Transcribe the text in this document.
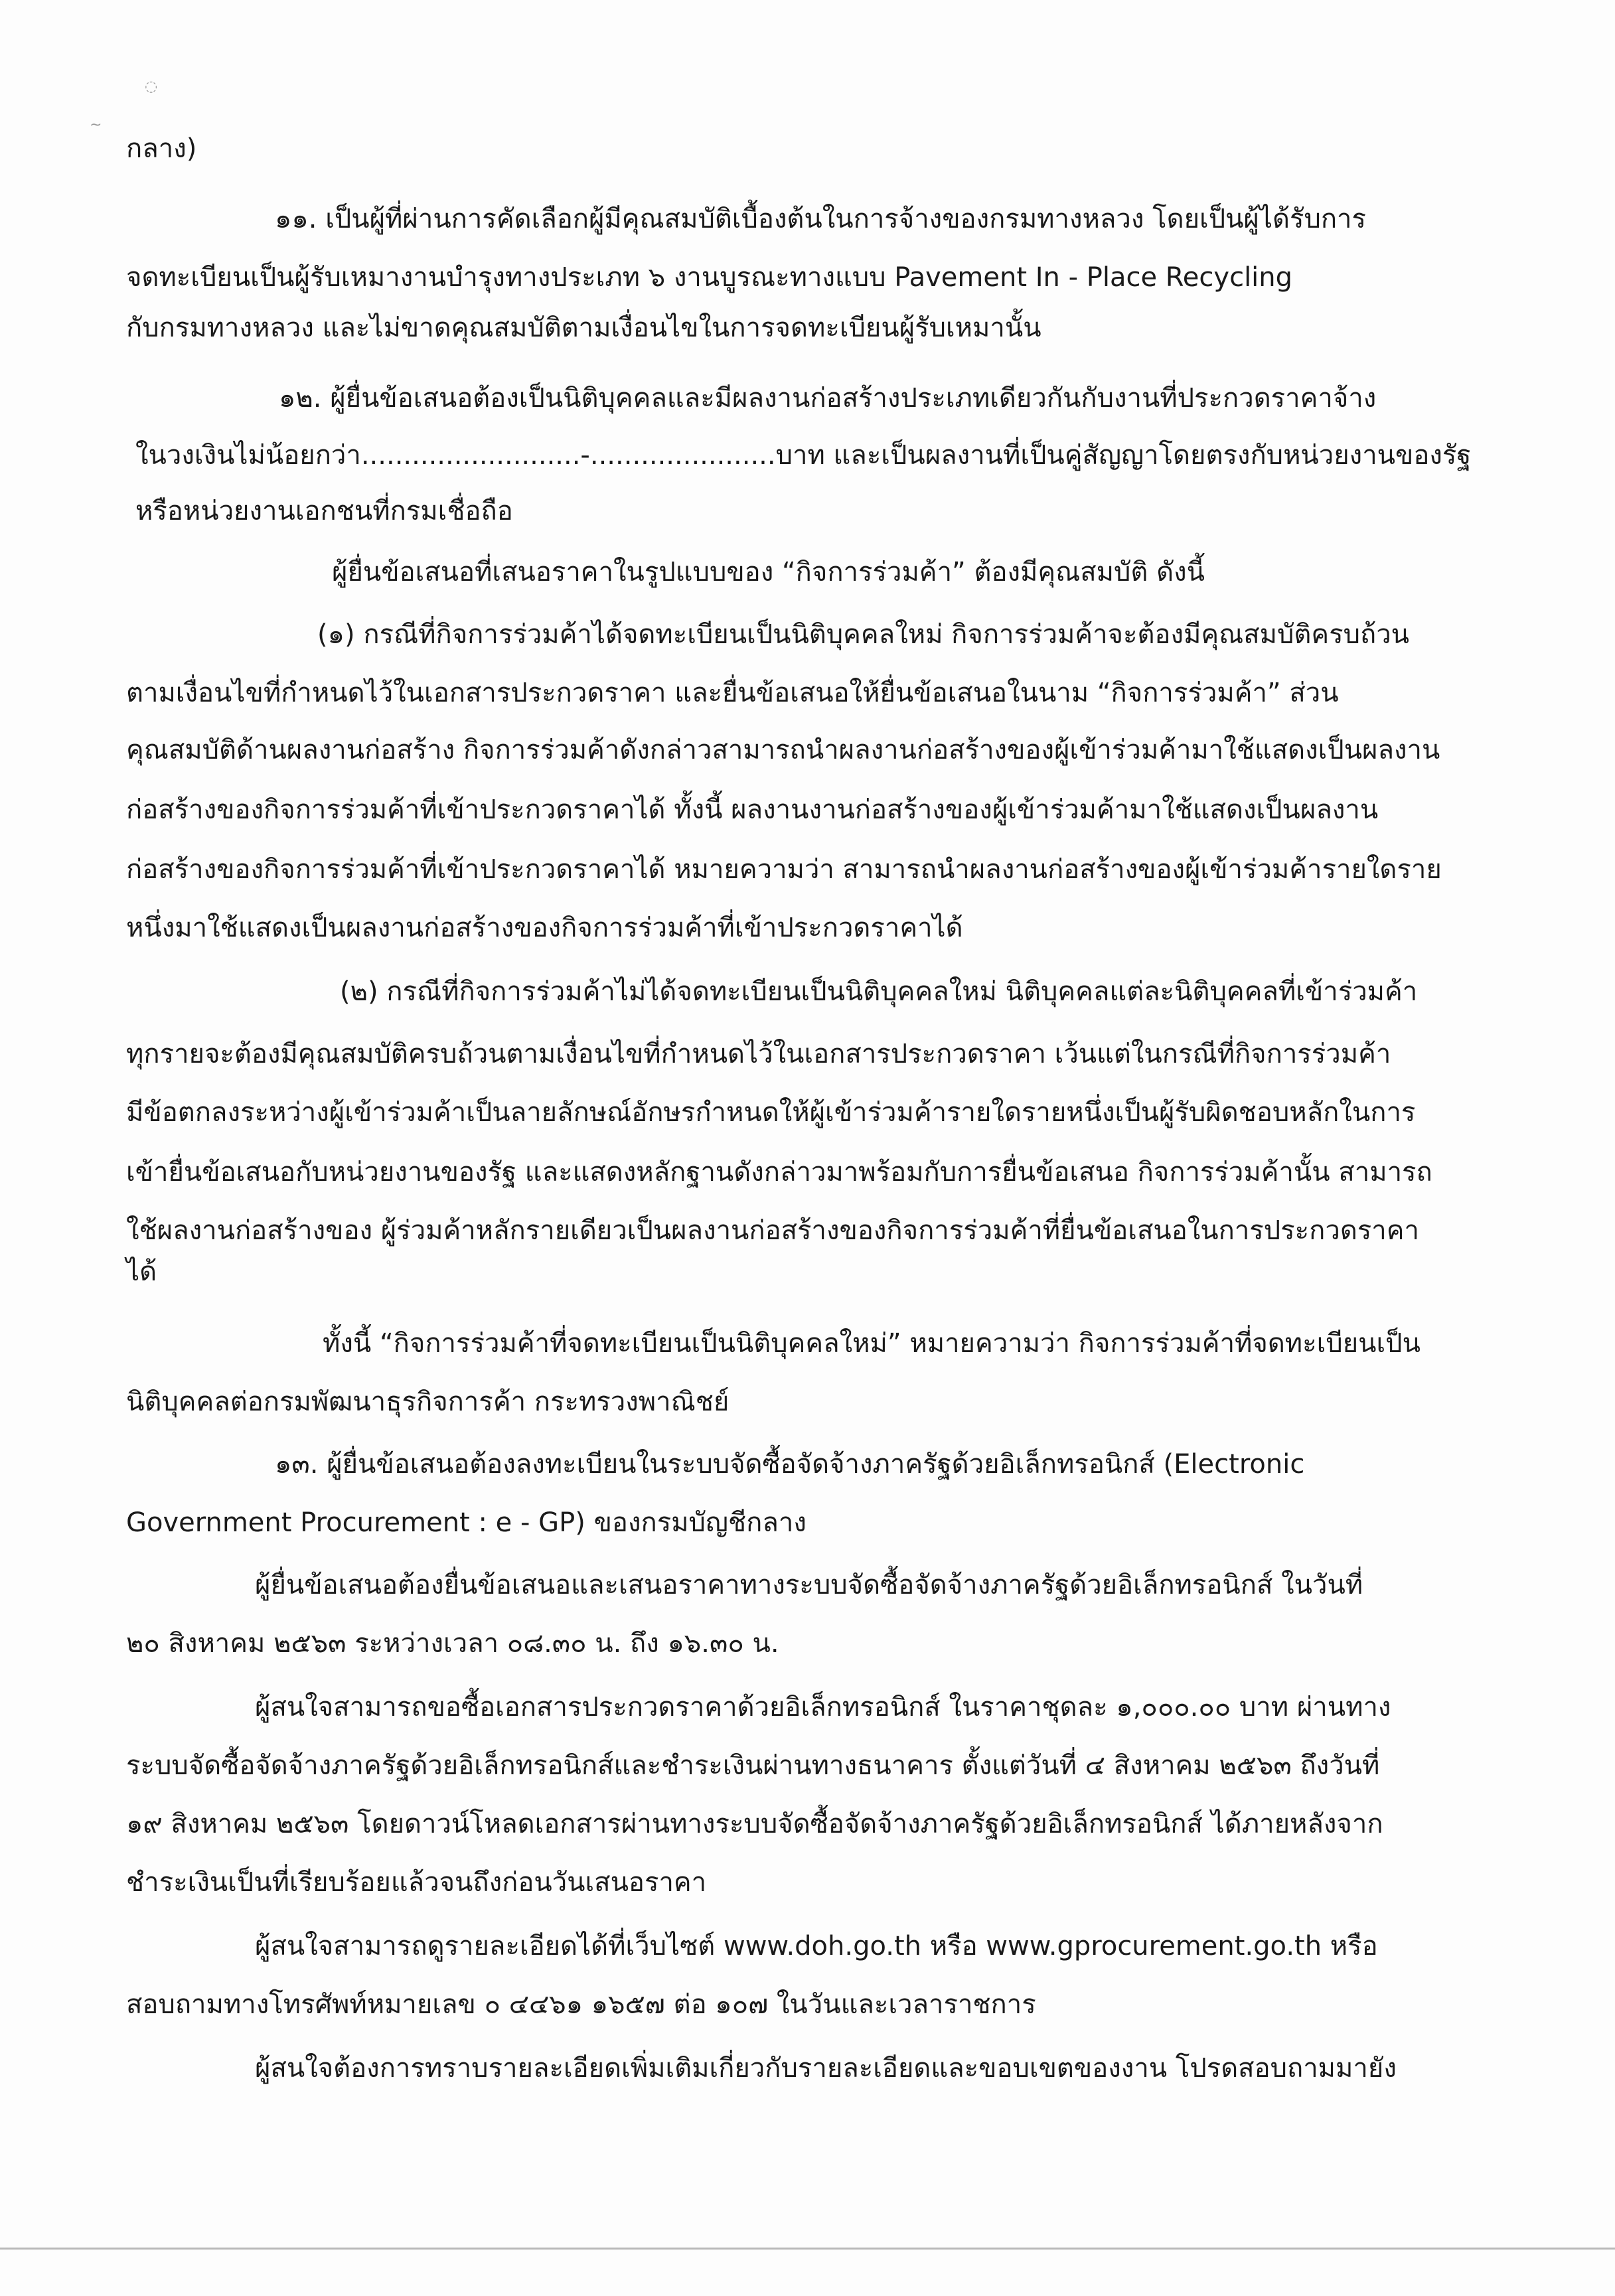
◌
~
กลาง)
๑๑. เป็นผู้ที่ผ่านการคัดเลือกผู้มีคุณสมบัติเบื้องต้นในการจ้างของกรมทางหลวง โดยเป็นผู้ได้รับการ
จดทะเบียนเป็นผู้รับเหมางานบำรุงทางประเภท ๖ งานบูรณะทางแบบ Pavement In - Place Recycling
กับกรมทางหลวง และไม่ขาดคุณสมบัติตามเงื่อนไขในการจดทะเบียนผู้รับเหมานั้น
๑๒. ผู้ยื่นข้อเสนอต้องเป็นนิติบุคคลและมีผลงานก่อสร้างประเภทเดียวกันกับงานที่ประกวดราคาจ้าง
ในวงเงินไม่น้อยกว่า..........................-......................บาท และเป็นผลงานที่เป็นคู่สัญญาโดยตรงกับหน่วยงานของรัฐ
หรือหน่วยงานเอกชนที่กรมเชื่อถือ
ผู้ยื่นข้อเสนอที่เสนอราคาในรูปแบบของ “กิจการร่วมค้า” ต้องมีคุณสมบัติ ดังนี้
(๑) กรณีที่กิจการร่วมค้าได้จดทะเบียนเป็นนิติบุคคลใหม่ กิจการร่วมค้าจะต้องมีคุณสมบัติครบถ้วน
ตามเงื่อนไขที่กำหนดไว้ในเอกสารประกวดราคา และยื่นข้อเสนอให้ยื่นข้อเสนอในนาม “กิจการร่วมค้า” ส่วน
คุณสมบัติด้านผลงานก่อสร้าง กิจการร่วมค้าดังกล่าวสามารถนำผลงานก่อสร้างของผู้เข้าร่วมค้ามาใช้แสดงเป็นผลงาน
ก่อสร้างของกิจการร่วมค้าที่เข้าประกวดราคาได้ ทั้งนี้ ผลงานงานก่อสร้างของผู้เข้าร่วมค้ามาใช้แสดงเป็นผลงาน
ก่อสร้างของกิจการร่วมค้าที่เข้าประกวดราคาได้ หมายความว่า สามารถนำผลงานก่อสร้างของผู้เข้าร่วมค้ารายใดราย
หนึ่งมาใช้แสดงเป็นผลงานก่อสร้างของกิจการร่วมค้าที่เข้าประกวดราคาได้
(๒) กรณีที่กิจการร่วมค้าไม่ได้จดทะเบียนเป็นนิติบุคคลใหม่ นิติบุคคลแต่ละนิติบุคคลที่เข้าร่วมค้า
ทุกรายจะต้องมีคุณสมบัติครบถ้วนตามเงื่อนไขที่กำหนดไว้ในเอกสารประกวดราคา เว้นแต่ในกรณีที่กิจการร่วมค้า
มีข้อตกลงระหว่างผู้เข้าร่วมค้าเป็นลายลักษณ์อักษรกำหนดให้ผู้เข้าร่วมค้ารายใดรายหนึ่งเป็นผู้รับผิดชอบหลักในการ
เข้ายื่นข้อเสนอกับหน่วยงานของรัฐ และแสดงหลักฐานดังกล่าวมาพร้อมกับการยื่นข้อเสนอ กิจการร่วมค้านั้น สามารถ
ใช้ผลงานก่อสร้างของ ผู้ร่วมค้าหลักรายเดียวเป็นผลงานก่อสร้างของกิจการร่วมค้าที่ยื่นข้อเสนอในการประกวดราคา
ได้
ทั้งนี้ “กิจการร่วมค้าที่จดทะเบียนเป็นนิติบุคคลใหม่” หมายความว่า กิจการร่วมค้าที่จดทะเบียนเป็น
นิติบุคคลต่อกรมพัฒนาธุรกิจการค้า กระทรวงพาณิชย์
๑๓. ผู้ยื่นข้อเสนอต้องลงทะเบียนในระบบจัดซื้อจัดจ้างภาครัฐด้วยอิเล็กทรอนิกส์ (Electronic
Government Procurement : e - GP) ของกรมบัญชีกลาง
ผู้ยื่นข้อเสนอต้องยื่นข้อเสนอและเสนอราคาทางระบบจัดซื้อจัดจ้างภาครัฐด้วยอิเล็กทรอนิกส์ ในวันที่
๒๐ สิงหาคม ๒๕๖๓ ระหว่างเวลา ๐๘.๓๐ น. ถึง ๑๖.๓๐ น.
ผู้สนใจสามารถขอซื้อเอกสารประกวดราคาด้วยอิเล็กทรอนิกส์ ในราคาชุดละ ๑,๐๐๐.๐๐ บาท ผ่านทาง
ระบบจัดซื้อจัดจ้างภาครัฐด้วยอิเล็กทรอนิกส์และชำระเงินผ่านทางธนาคาร ตั้งแต่วันที่ ๔ สิงหาคม ๒๕๖๓ ถึงวันที่
๑๙ สิงหาคม ๒๕๖๓ โดยดาวน์โหลดเอกสารผ่านทางระบบจัดซื้อจัดจ้างภาครัฐด้วยอิเล็กทรอนิกส์ ได้ภายหลังจาก
ชำระเงินเป็นที่เรียบร้อยแล้วจนถึงก่อนวันเสนอราคา
ผู้สนใจสามารถดูรายละเอียดได้ที่เว็บไซต์ www.doh.go.th หรือ www.gprocurement.go.th หรือ
สอบถามทางโทรศัพท์หมายเลข ๐ ๔๔๖๑ ๑๖๕๗ ต่อ ๑๐๗ ในวันและเวลาราชการ
ผู้สนใจต้องการทราบรายละเอียดเพิ่มเติมเกี่ยวกับรายละเอียดและขอบเขตของงาน โปรดสอบถามมายัง
